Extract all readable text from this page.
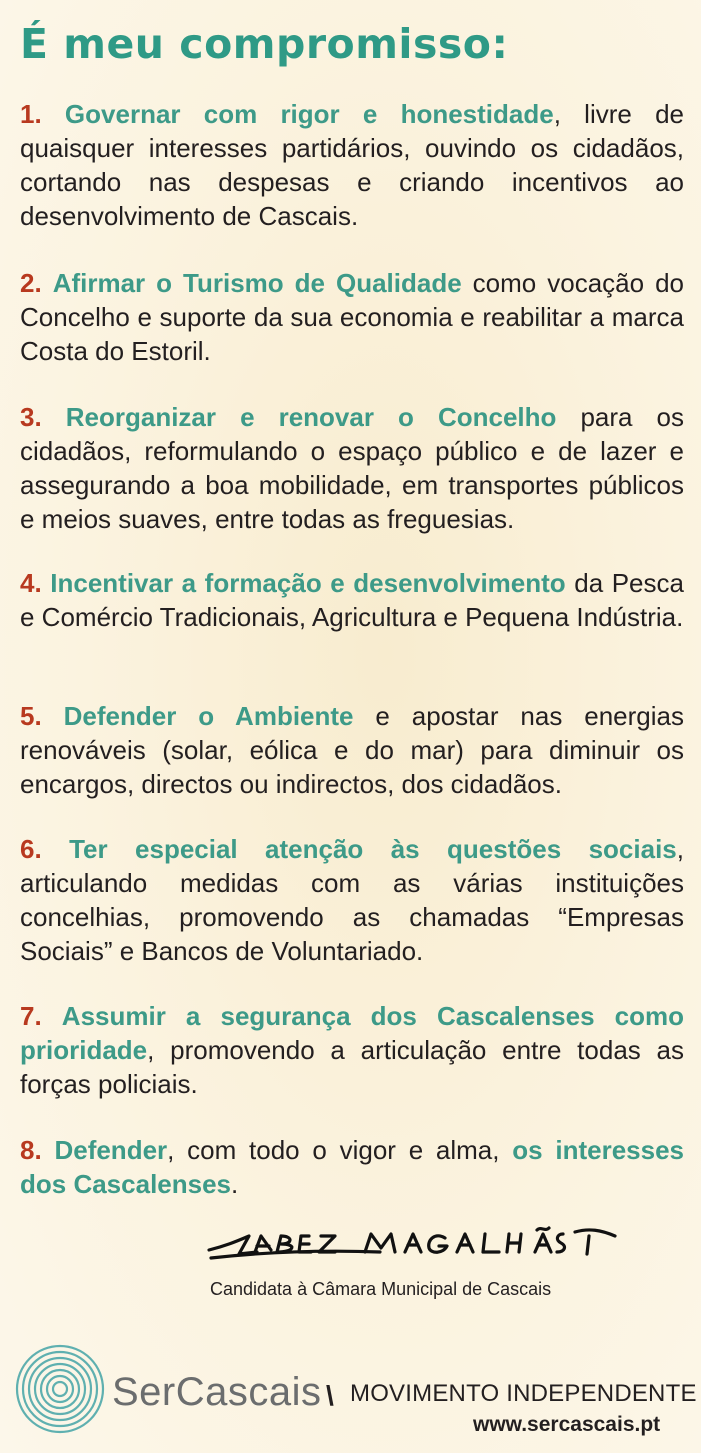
É meu compromisso:

1. Governar com rigor e honestidade, livre de quaisquer interesses partidários, ouvindo os cidadãos, cortando nas despesas e criando incentivos ao desenvolvimento de Cascais.

2. Afirmar o Turismo de Qualidade como vocação do Concelho e suporte da sua economia e reabilitar a marca Costa do Estoril.

3. Reorganizar e renovar o Concelho para os cidadãos, reformulando o espaço público e de lazer e assegurando a boa mobilidade, em transportes públicos e meios suaves, entre todas as freguesias.

4. Incentivar a formação e desenvolvimento da Pesca e Comércio Tradicionais, Agricultura e Pequena Indústria.

5. Defender o Ambiente e apostar nas energias renováveis (solar, eólica e do mar) para diminuir os encargos, directos ou indirectos, dos cidadãos.

6. Ter especial atenção às questões sociais, articulando medidas com as várias instituições concelhias, promovendo as chamadas “Empresas Sociais” e Bancos de Voluntariado.

7. Assumir a segurança dos Cascalenses como prioridade, promovendo a articulação entre todas as forças policiais.

8. Defender, com todo o vigor e alma, os interesses dos Cascalenses.

Candidata à Câmara Municipal de Cascais

SerCascais \ MOVIMENTO INDEPENDENTE
www.sercascais.pt
